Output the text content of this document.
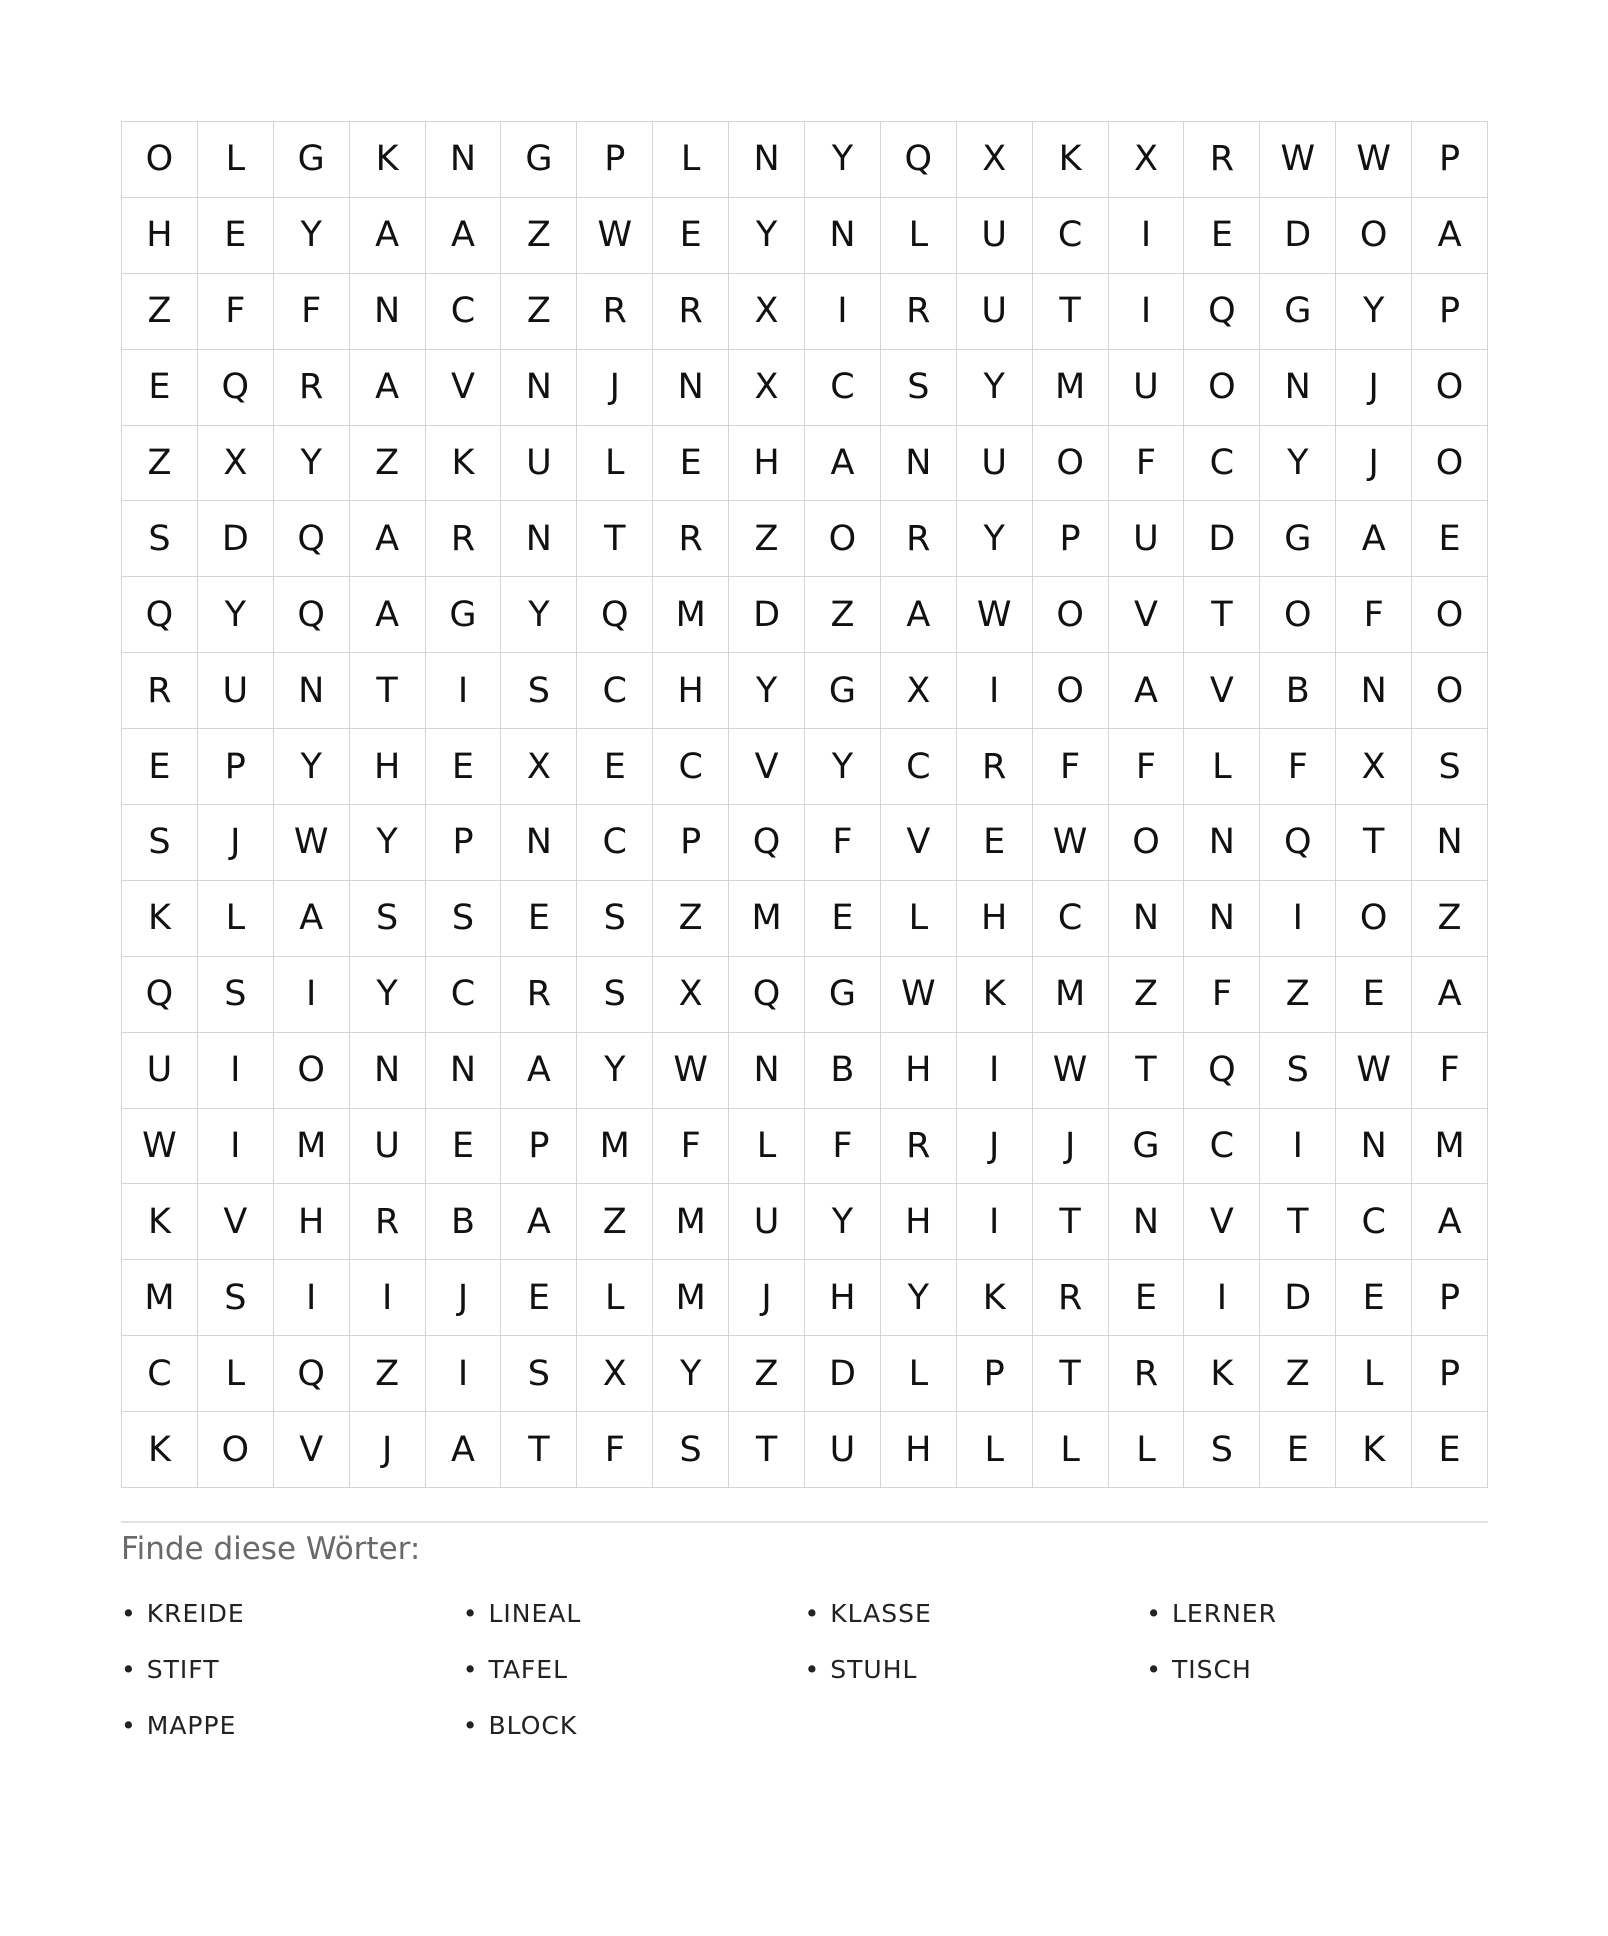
O	L	G	K	N	G	P	L	N	Y	Q	X	K	X	R	W	W	P
H	E	Y	A	A	Z	W	E	Y	N	L	U	C	I	E	D	O	A
Z	F	F	N	C	Z	R	R	X	I	R	U	T	I	Q	G	Y	P
E	Q	R	A	V	N	J	N	X	C	S	Y	M	U	O	N	J	O
Z	X	Y	Z	K	U	L	E	H	A	N	U	O	F	C	Y	J	O
S	D	Q	A	R	N	T	R	Z	O	R	Y	P	U	D	G	A	E
Q	Y	Q	A	G	Y	Q	M	D	Z	A	W	O	V	T	O	F	O
R	U	N	T	I	S	C	H	Y	G	X	I	O	A	V	B	N	O
E	P	Y	H	E	X	E	C	V	Y	C	R	F	F	L	F	X	S
S	J	W	Y	P	N	C	P	Q	F	V	E	W	O	N	Q	T	N
K	L	A	S	S	E	S	Z	M	E	L	H	C	N	N	I	O	Z
Q	S	I	Y	C	R	S	X	Q	G	W	K	M	Z	F	Z	E	A
U	I	O	N	N	A	Y	W	N	B	H	I	W	T	Q	S	W	F
W	I	M	U	E	P	M	F	L	F	R	J	J	G	C	I	N	M
K	V	H	R	B	A	Z	M	U	Y	H	I	T	N	V	T	C	A
M	S	I	I	J	E	L	M	J	H	Y	K	R	E	I	D	E	P
C	L	Q	Z	I	S	X	Y	Z	D	L	P	T	R	K	Z	L	P
K	O	V	J	A	T	F	S	T	U	H	L	L	L	S	E	K	E
Finde diese Wörter:
• KREIDE	• LINEAL	• KLASSE	• LERNER
• STIFT	• TAFEL	• STUHL	• TISCH
• MAPPE	• BLOCK
